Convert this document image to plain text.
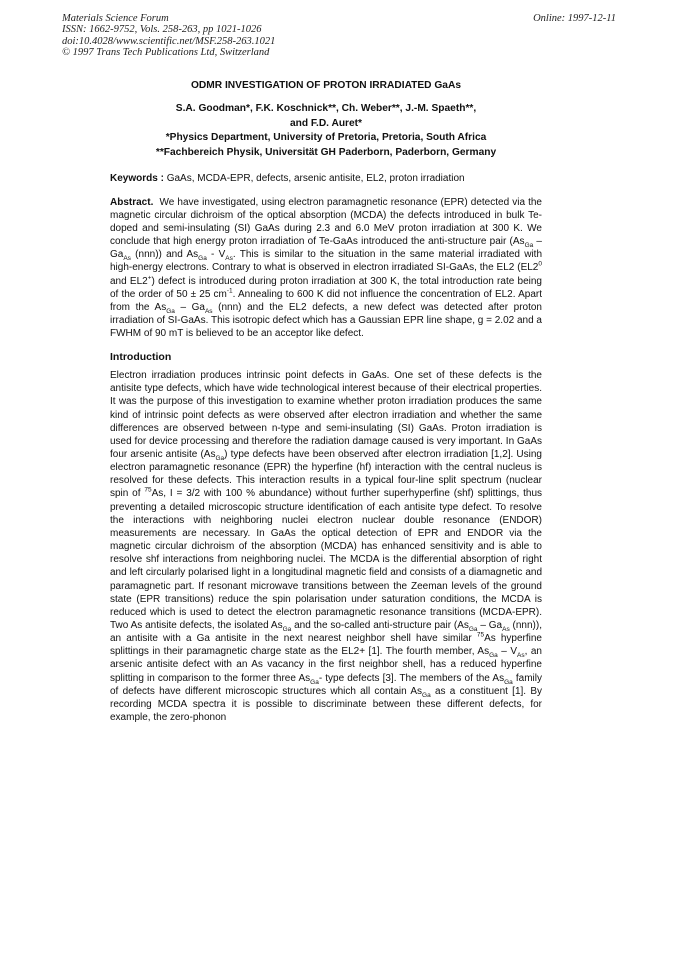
Materials Science Forum
ISSN: 1662-9752, Vols. 258-263, pp 1021-1026
doi:10.4028/www.scientific.net/MSF.258-263.1021
© 1997 Trans Tech Publications Ltd, Switzerland
Online: 1997-12-11
ODMR INVESTIGATION OF PROTON IRRADIATED GaAs
S.A. Goodman*, F.K. Koschnick**, Ch. Weber**, J.-M. Spaeth**,
and F.D. Auret*
*Physics Department, University of Pretoria, Pretoria, South Africa
**Fachbereich Physik, Universität GH Paderborn, Paderborn, Germany
Keywords : GaAs, MCDA-EPR, defects, arsenic antisite, EL2, proton irradiation
Abstract. We have investigated, using electron paramagnetic resonance (EPR) detected via the magnetic circular dichroism of the optical absorption (MCDA) the defects introduced in bulk Te-doped and semi-insulating (SI) GaAs during 2.3 and 6.0 MeV proton irradiation at 300 K. We conclude that high energy proton irradiation of Te-GaAs introduced the anti-structure pair ($As_{Ga} - Ga_{As}$ (nnn)) and $As_{Ga} - V_{As}$. This is similar to the situation in the same material irradiated with high-energy electrons. Contrary to what is observed in electron irradiated SI-GaAs, the EL2 ($EL2^0$ and EL2+) defect is introduced during proton irradiation at 300 K, the total introduction rate being of the order of 50 ± 25 $cm^{-1}$. Annealing to 600 K did not influence the concentration of EL2. Apart from the $As_{Ga} - Ga_{As}$ (nnn) and the EL2 defects, a new defect was detected after proton irradiation of SI-GaAs. This isotropic defect which has a Gaussian EPR line shape, g = 2.02 and a FWHM of 90 mT is believed to be an acceptor like defect.
Introduction
Electron irradiation produces intrinsic point defects in GaAs. One set of these defects is the antisite type defects, which have wide technological interest because of their electrical properties. It was the purpose of this investigation to examine whether proton irradiation produces the same kind of intrinsic point defects as were observed after electron irradiation and whether the same differences are observed between n-type and semi-insulating (SI) GaAs. Proton irradiation is used for device processing and therefore the radiation damage caused is very important. In GaAs four arsenic antisite $(As_{Ga})$ type defects have been observed after electron irradiation [1,2]. Using electron paramagnetic resonance (EPR) the hyperfine (hf) interaction with the central nucleus is resolved for these defects. This interaction results in a typical four-line split spectrum (nuclear spin of $^{75}$As, I = 3/2 with 100 % abundance) without further superhyperfine (shf) splittings, thus preventing a detailed microscopic structure identification of each antisite type defect. To resolve the interactions with neighboring nuclei electron nuclear double resonance (ENDOR) measurements are necessary. In GaAs the optical detection of EPR and ENDOR via the magnetic circular dichroism of the absorption (MCDA) has enhanced sensitivity and is able to resolve shf interactions from neighboring nuclei. The MCDA is the differential absorption of right and left circularly polarised light in a longitudinal magnetic field and consists of a diamagnetic and paramagnetic part. If resonant microwave transitions between the Zeeman levels of the ground state (EPR transitions) reduce the spin polarisation under saturation conditions, the MCDA is reduced which is used to detect the electron paramagnetic resonance transitions (MCDA-EPR). Two As antisite defects, the isolated $As_{Ga}$ and the so-called anti-structure pair ($As_{Ga} - Ga_{As}$ (nnn)), an antisite with a Ga antisite in the next nearest neighbor shell have similar $^{75}$As hyperfine splittings in their paramagnetic charge state as the EL2+ [1]. The fourth member, $As_{Ga} - V_{As}$, an arsenic antisite defect with an As vacancy in the first neighbor shell, has a reduced hyperfine splitting in comparison to the former three $As_{Ga}-$ type defects [3]. The members of the $As_{Ga}$ family of defects have different microscopic structures which all contain $As_{Ga}$ as a constituent [1]. By recording MCDA spectra it is possible to discriminate between these different defects, for example, the zero-phonon
